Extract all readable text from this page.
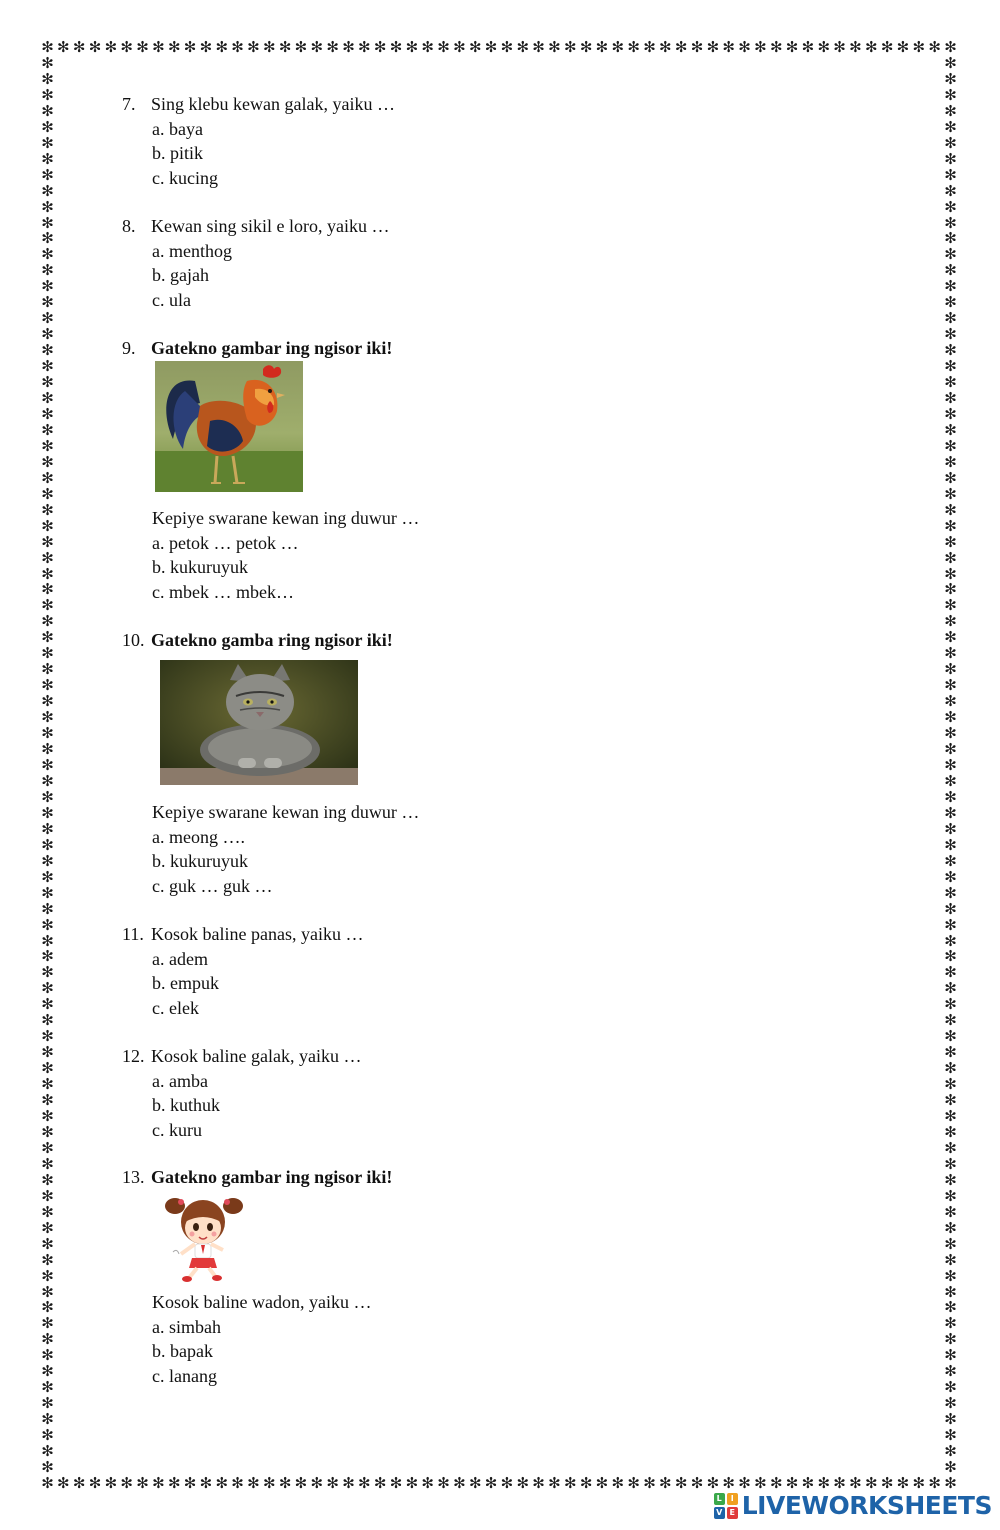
✻
✻
✻
✻
✻
✻
✻
✻
✻
✻
✻
✻
✻
✻
✻
✻
✻
✻
✻
✻
✻
✻
✻
✻
✻
✻
✻
✻
✻
✻
✻
✻
✻
✻
✻
✻
✻
✻
✻
✻
✻
✻
✻
✻
✻
✻
✻
✻
✻
✻
✻
✻
✻
✻
✻
✻
✻
✻
✻
✻
✻
✻
✻
✻
✻
✻
✻
✻
✻
✻
✻
✻
✻
✻
✻
✻
✻
✻
✻
✻
✻
✻
✻
✻
✻
✻
✻
✻
✻
✻
✻
✻
✻
✻
✻
✻
✻
✻
✻
✻
✻
✻
✻
✻
✻
✻
✻
✻
✻
✻
✻
✻
✻
✻
✻
✻
✻	✻
✻	✻
✻	✻
✻	✻
✻	✻
✻	✻
✻	✻
✻	✻
✻	✻
✻	✻
✻	✻
✻	✻
✻	✻
✻	✻
✻	✻
✻	✻
✻	✻
✻	✻
✻	✻
✻	✻
✻	✻
✻	✻
✻	✻
✻	✻
✻	✻
✻	✻
✻	✻
✻	✻
✻	✻
✻	✻
✻	✻
✻	✻
✻	✻
✻	✻
✻	✻
✻	✻
✻	✻
✻	✻
✻	✻
✻	✻
✻	✻
✻	✻
✻	✻
✻	✻
✻	✻
✻	✻
✻	✻
✻	✻
✻	✻
✻	✻
✻	✻
✻	✻
✻	✻
✻	✻
✻	✻
✻	✻
✻	✻
✻	✻
✻	✻
✻	✻
✻	✻
✻	✻
✻	✻
✻	✻
✻	✻
✻	✻
✻	✻
✻	✻
✻	✻
✻	✻
✻	✻
✻	✻
✻	✻
✻	✻
✻	✻
✻	✻
✻	✻
✻	✻
✻	✻
✻	✻
✻	✻
✻	✻
✻	✻
✻	✻
✻	✻
✻	✻
✻	✻
✻	✻
✻	✻
7. Sing klebu kewan galak, yaiku …
a. baya
b. pitik
c. kucing
8. Kewan sing sikil e loro, yaiku …
a. menthog
b. gajah
c. ula
9. Gatekno gambar ing ngisor iki!
Kepiye swarane kewan ing duwur …
a. petok … petok …
b. kukuruyuk
c. mbek … mbek…
10. Gatekno gamba ring ngisor iki!
Kepiye swarane kewan ing duwur …
a. meong ….
b. kukuruyuk
c. guk … guk …
11. Kosok baline panas, yaiku …
a. adem
b. empuk
c. elek
12. Kosok baline galak, yaiku …
a. amba
b. kuthuk
c. kuru
13. Gatekno gambar ing ngisor iki!
Kosok baline wadon, yaiku …
a. simbah
b. bapak
c. lanang
L	I
V E LIVEWORKSHEETS
